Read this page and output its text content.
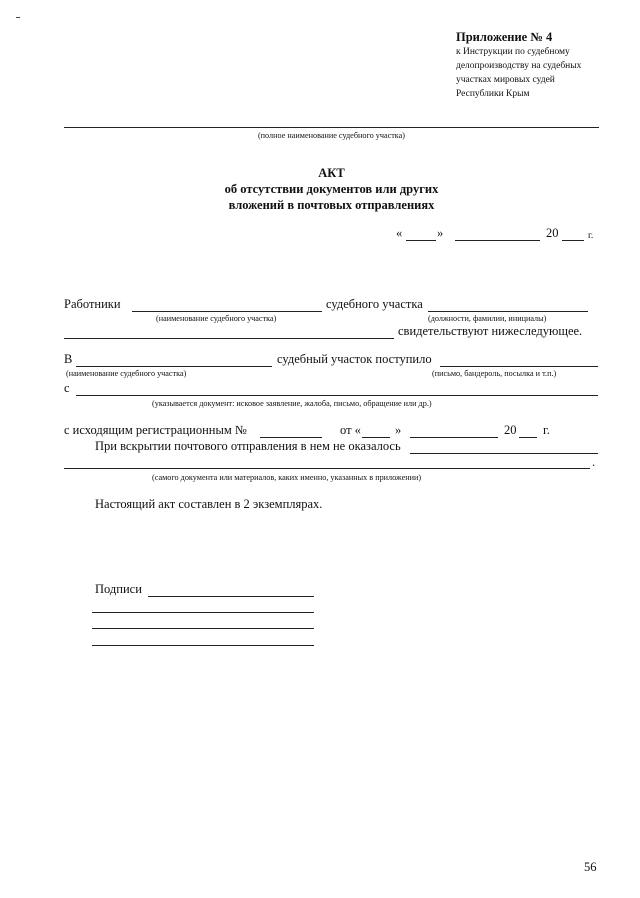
Приложение № 4
к Инструкции по судебному
делопроизводству на судебных
участках мировых судей
Республики Крым
(полное наименование судебного участка)
АКТ
об отсутствии документов или других
вложений в почтовых отправлениях
«	»	20	г.
Работники	судебного участка
(наименование судебного участка)	(должности, фамилии, инициалы)
свидетельствуют нижеследующее.
В	судебный участок поступило
(наименование судебного участка)	(письмо, бандероль, посылка и т.п.)
с
(указывается документ: исковое заявление, жалоба, письмо, обращение или др.)
с исходящим регистрационным №	от «	»	20 г.
При вскрытии почтового отправления в нем не оказалось
.
(самого документа или материалов, каких именно, указанных в приложении)
Настоящий акт составлен в 2 экземплярах.
Подписи
56
